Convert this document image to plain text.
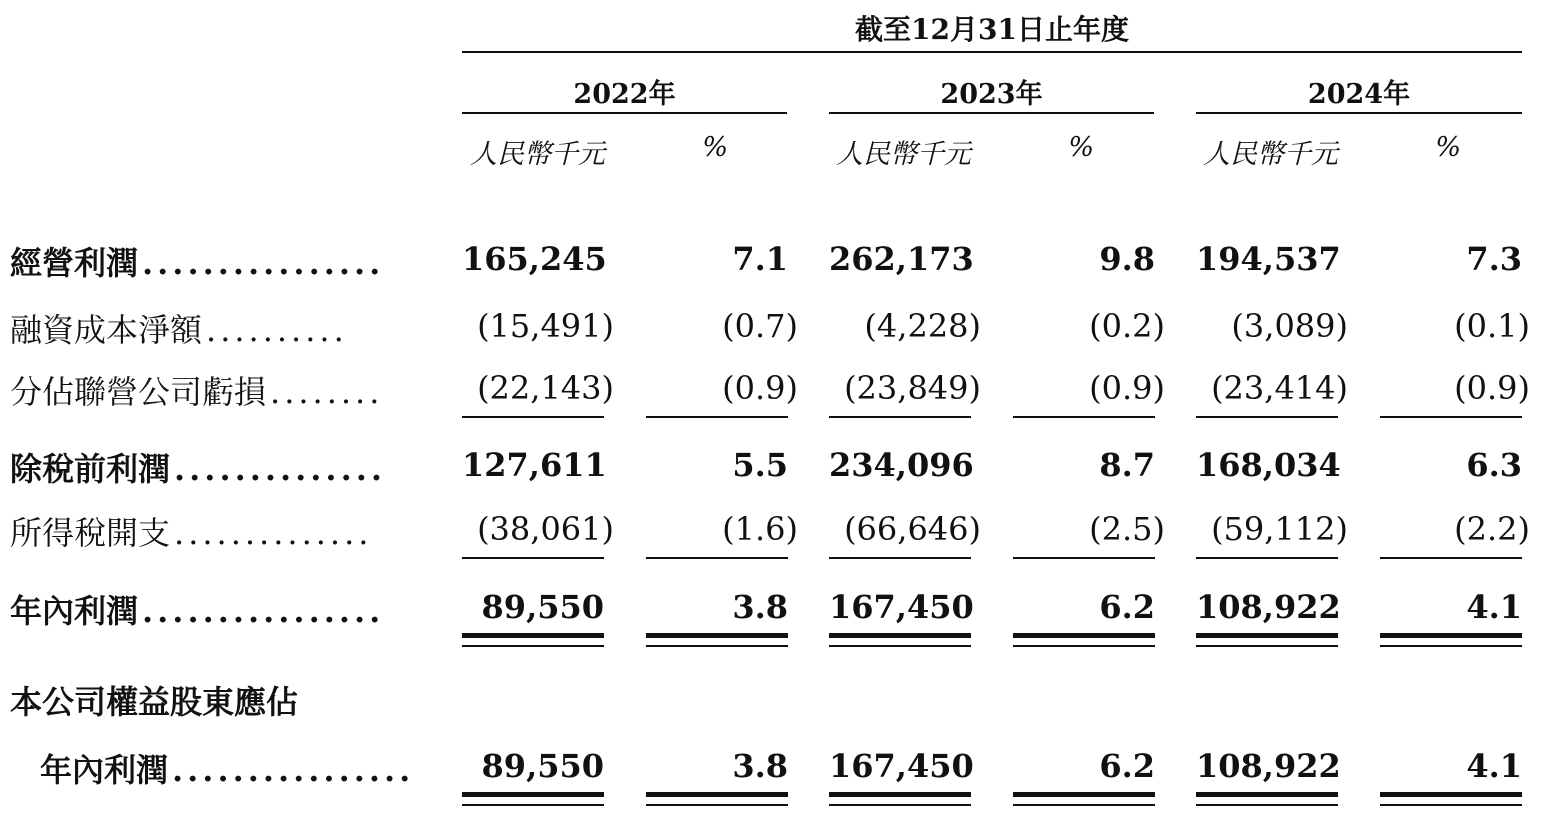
截至12月31日止年度
2022年	2023年	2024年
人民幣千元	%	人民幣千元	%	人民幣千元	%
經營利潤 ................	165,245	7.1 262,173	9.8 194,537	7.3
融資成本淨額 ..........	(15,491)	(0.7)	(4,228)	(0.2)	(3,089)	(0.1)
分佔聯營公司虧損 ........	(22,143)	(0.9)	(23,849)	(0.9)	(23,414)	(0.9)
除稅前利潤 ..............	127,611	5.5 234,096	8.7 168,034	6.3
所得稅開支 ..............	(38,061)	(1.6)	(66,646)	(2.5)	(59,112)	(2.2)
年內利潤 ................	89,550	3.8 167,450	6.2 108,922	4.1
本公司權益股東應佔
年內利潤 ................	89,550	3.8 167,450	6.2 108,922	4.1
